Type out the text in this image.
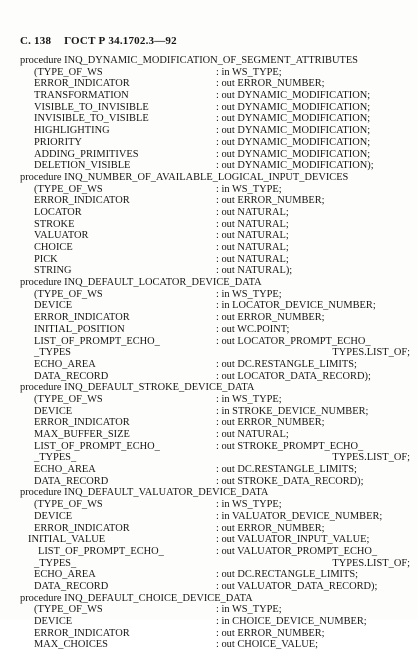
С. 138 ГОСТ Р 34.1702.3—92
procedure INQ_DYNAMIC_MODIFICATION_OF_SEGMENT_ATTRIBUTES
(TYPE_OF_WS	: in WS_TYPE;
ERROR_INDICATOR	: out ERROR_NUMBER;
TRANSFORMATION	: out DYNAMIC_MODIFICATION;
VISIBLE_TO_INVISIBLE	: out DYNAMIC_MODIFICATION;
INVISIBLE_TO_VISIBLE	: out DYNAMIC_MODIFICATION;
HIGHLIGHTING	: out DYNAMIC_MODIFICATION;
PRIORITY	: out DYNAMIC_MODIFICATION;
ADDING_PRIMITIVES	: out DYNAMIC_MODIFICATION;
DELETION_VISIBLE	: out DYNAMIC_MODIFICATION);
procedure INQ_NUMBER_OF_AVAILABLE_LOGICAL_INPUT_DEVICES
(TYPE_OF_WS	: in WS_TYPE;
ERROR_INDICATOR	: out ERROR_NUMBER;
LOCATOR	: out NATURAL;
STROKE	: out NATURAL;
VALUATOR	: out NATURAL;
CHOICE	: out NATURAL;
PICK	: out NATURAL;
STRING	: out NATURAL);
procedure INQ_DEFAULT_LOCATOR_DEVICE_DATA
(TYPE_OF_WS	: in WS_TYPE;
DEVICE	: in LOCATOR_DEVICE_NUMBER;
ERROR_INDICATOR	: out ERROR_NUMBER;
INITIAL_POSITION	: out WC.POINT;
LIST_OF_PROMPT_ECHO_	: out LOCATOR_PROMPT_ECHO_
_TYPES	TYPES.LIST_OF;
ECHO_AREA	: out DC.RESTANGLE_LIMITS;
DATA_RECORD	: out LOCATOR_DATA_RECORD);
procedure INQ_DEFAULT_STROKE_DEVICE_DATA
(TYPE_OF_WS	: in WS_TYPE;
DEVICE	: in STROKE_DEVICE_NUMBER;
ERROR_INDICATOR	: out ERROR_NUMBER;
MAX_BUFFER_SIZE	: out NATURAL;
LIST_OF_PROMPT_ECHO_	: out STROKE_PROMPT_ECHO_
_TYPES_	TYPES.LIST_OF;
ECHO_AREA	: out DC.RESTANGLE_LIMITS;
DATA_RECORD	: out STROKE_DATA_RECORD);
procedure INQ_DEFAULT_VALUATOR_DEVICE_DATA
(TYPE_OF_WS	: in WS_TYPE;
DEVICE	: in VALUATOR_DEVICE_NUMBER;
ERROR_INDICATOR	: out ERROR_NUMBER;
INITIAL_VALUE	: out VALUATOR_INPUT_VALUE;
LIST_OF_PROMPT_ECHO_	: out VALUATOR_PROMPT_ECHO_
_TYPES_	TYPES.LIST_OF;
ECHO_AREA	: out DC.RECTANGLE_LIMITS;
DATA_RECORD	: out VALUATOR_DATA_RECORD);
procedure INQ_DEFAULT_CHOICE_DEVICE_DATA
(TYPE_OF_WS	: in WS_TYPE;
DEVICE	: in CHOICE_DEVICE_NUMBER;
ERROR_INDICATOR	: out ERROR_NUMBER;
MAX_CHOICES	: out CHOICE_VALUE;
